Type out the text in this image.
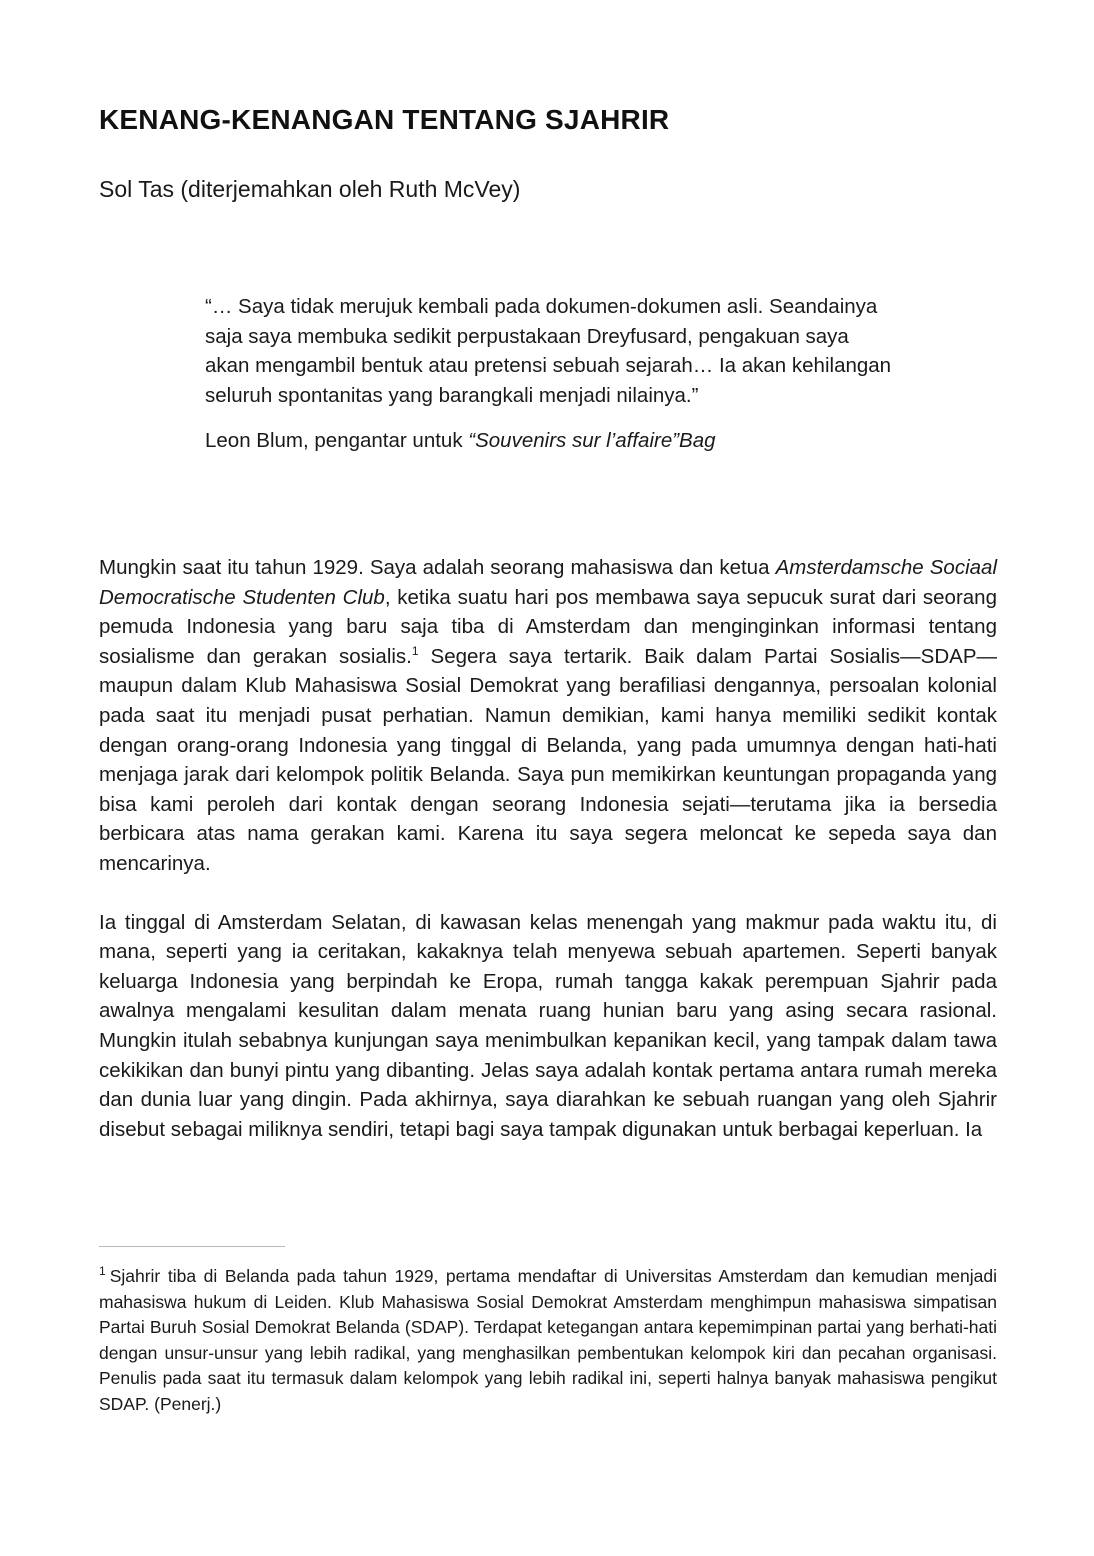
KENANG-KENANGAN TENTANG SJAHRIR

Sol Tas (diterjemahkan oleh Ruth McVey)

“… Saya tidak merujuk kembali pada dokumen-dokumen asli. Seandainya saja saya membuka sedikit perpustakaan Dreyfusard, pengakuan saya akan mengambil bentuk atau pretensi sebuah sejarah… Ia akan kehilangan seluruh spontanitas yang barangkali menjadi nilainya.”

Leon Blum, pengantar untuk “Souvenirs sur l’affaire”Bag

Mungkin saat itu tahun 1929. Saya adalah seorang mahasiswa dan ketua Amsterdamsche Sociaal Democratische Studenten Club, ketika suatu hari pos membawa saya sepucuk surat dari seorang pemuda Indonesia yang baru saja tiba di Amsterdam dan menginginkan informasi tentang sosialisme dan gerakan sosialis.$^1$ Segera saya tertarik. Baik dalam Partai Sosialis—SDAP—maupun dalam Klub Mahasiswa Sosial Demokrat yang berafiliasi dengannya, persoalan kolonial pada saat itu menjadi pusat perhatian. Namun demikian, kami hanya memiliki sedikit kontak dengan orang-orang Indonesia yang tinggal di Belanda, yang pada umumnya dengan hati-hati menjaga jarak dari kelompok politik Belanda. Saya pun memikirkan keuntungan propaganda yang bisa kami peroleh dari kontak dengan seorang Indonesia sejati—terutama jika ia bersedia berbicara atas nama gerakan kami. Karena itu saya segera meloncat ke sepeda saya dan mencarinya.

Ia tinggal di Amsterdam Selatan, di kawasan kelas menengah yang makmur pada waktu itu, di mana, seperti yang ia ceritakan, kakaknya telah menyewa sebuah apartemen. Seperti banyak keluarga Indonesia yang berpindah ke Eropa, rumah tangga kakak perempuan Sjahrir pada awalnya mengalami kesulitan dalam menata ruang hunian baru yang asing secara rasional. Mungkin itulah sebabnya kunjungan saya menimbulkan kepanikan kecil, yang tampak dalam tawa cekikikan dan bunyi pintu yang dibanting. Jelas saya adalah kontak pertama antara rumah mereka dan dunia luar yang dingin. Pada akhirnya, saya diarahkan ke sebuah ruangan yang oleh Sjahrir disebut sebagai miliknya sendiri, tetapi bagi saya tampak digunakan untuk berbagai keperluan. Ia

$^1$ Sjahrir tiba di Belanda pada tahun 1929, pertama mendaftar di Universitas Amsterdam dan kemudian menjadi mahasiswa hukum di Leiden. Klub Mahasiswa Sosial Demokrat Amsterdam menghimpun mahasiswa simpatisan Partai Buruh Sosial Demokrat Belanda (SDAP). Terdapat ketegangan antara kepemimpinan partai yang berhati-hati dengan unsur-unsur yang lebih radikal, yang menghasilkan pembentukan kelompok kiri dan pecahan organisasi. Penulis pada saat itu termasuk dalam kelompok yang lebih radikal ini, seperti halnya banyak mahasiswa pengikut SDAP. (Penerj.)
